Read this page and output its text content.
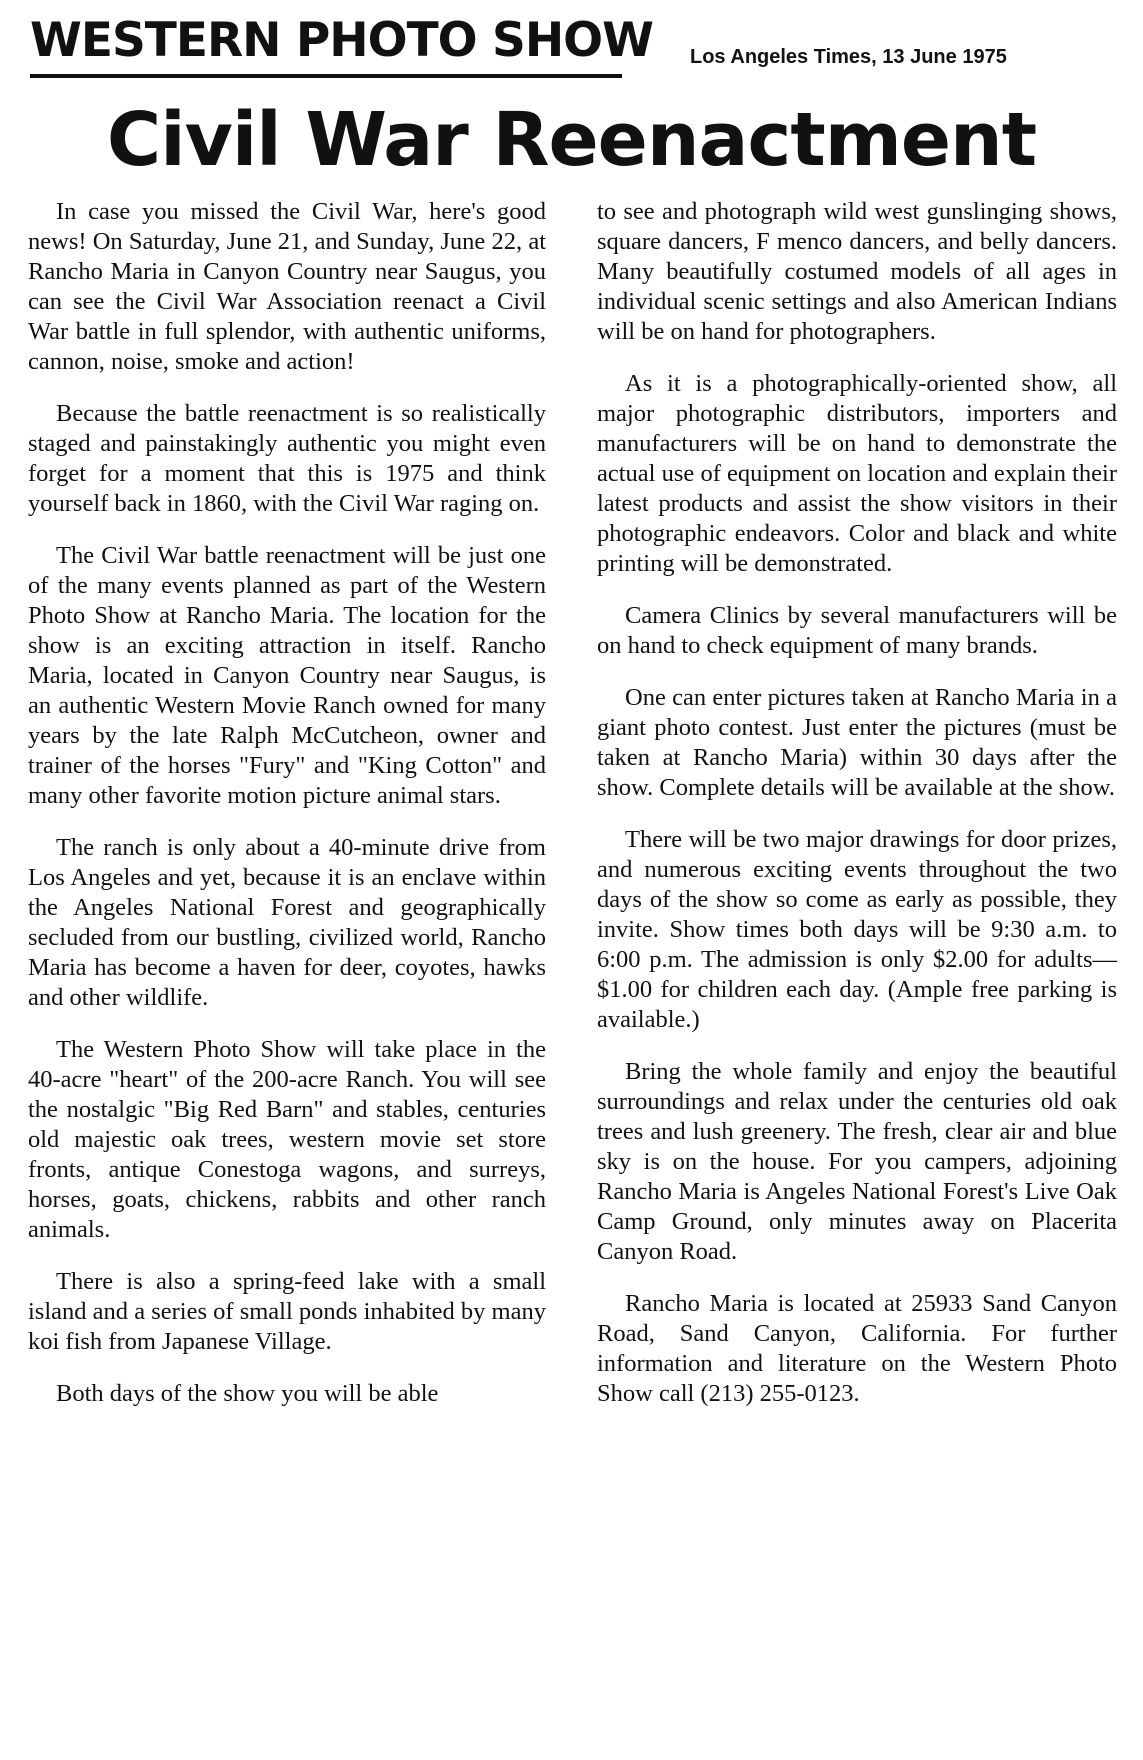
WESTERN PHOTO SHOW Los Angeles Times, 13 June 1975
Civil War Reenactment

In case you missed the Civil War, here's good news! On Saturday, June 21, and Sunday, June 22, at Rancho Maria in Canyon Country near Saugus, you can see the Civil War Association reenact a Civil War battle in full splendor, with authentic uniforms, cannon, noise, smoke and action!

Because the battle reenactment is so realistically staged and painstakingly authentic you might even forget for a moment that this is 1975 and think yourself back in 1860, with the Civil War raging on.

The Civil War battle reenactment will be just one of the many events planned as part of the Western Photo Show at Rancho Maria. The location for the show is an exciting attraction in itself. Rancho Maria, located in Canyon Country near Saugus, is an authentic Western Movie Ranch owned for many years by the late Ralph McCutcheon, owner and trainer of the horses "Fury" and "King Cotton" and many other favorite motion picture animal stars.

The ranch is only about a 40-minute drive from Los Angeles and yet, because it is an enclave within the Angeles National Forest and geographically secluded from our bustling, civilized world, Rancho Maria has become a haven for deer, coyotes, hawks and other wildlife.

The Western Photo Show will take place in the 40-acre "heart" of the 200-acre Ranch. You will see the nostalgic "Big Red Barn" and stables, centuries old majestic oak trees, western movie set store fronts, antique Conestoga wagons, and surreys, horses, goats, chickens, rabbits and other ranch animals.

There is also a spring-feed lake with a small island and a series of small ponds inhabited by many koi fish from Japanese Village.

Both days of the show you will be able

to see and photograph wild west gunslinging shows, square dancers, F menco dancers, and belly dancers. Many beautifully costumed models of all ages in individual scenic settings and also American Indians will be on hand for photographers.

As it is a photographically-oriented show, all major photographic distributors, importers and manufacturers will be on hand to demonstrate the actual use of equipment on location and explain their latest products and assist the show visitors in their photographic endeavors. Color and black and white printing will be demonstrated.

Camera Clinics by several manufacturers will be on hand to check equipment of many brands.

One can enter pictures taken at Rancho Maria in a giant photo contest. Just enter the pictures (must be taken at Rancho Maria) within 30 days after the show. Complete details will be available at the show.

There will be two major drawings for door prizes, and numerous exciting events throughout the two days of the show so come as early as possible, they invite. Show times both days will be 9:30 a.m. to 6:00 p.m. The admission is only $2.00 for adults—$1.00 for children each day. (Ample free parking is available.)

Bring the whole family and enjoy the beautiful surroundings and relax under the centuries old oak trees and lush greenery. The fresh, clear air and blue sky is on the house. For you campers, adjoining Rancho Maria is Angeles National Forest's Live Oak Camp Ground, only minutes away on Placerita Canyon Road.

Rancho Maria is located at 25933 Sand Canyon Road, Sand Canyon, California. For further information and literature on the Western Photo Show call (213) 255-0123.
